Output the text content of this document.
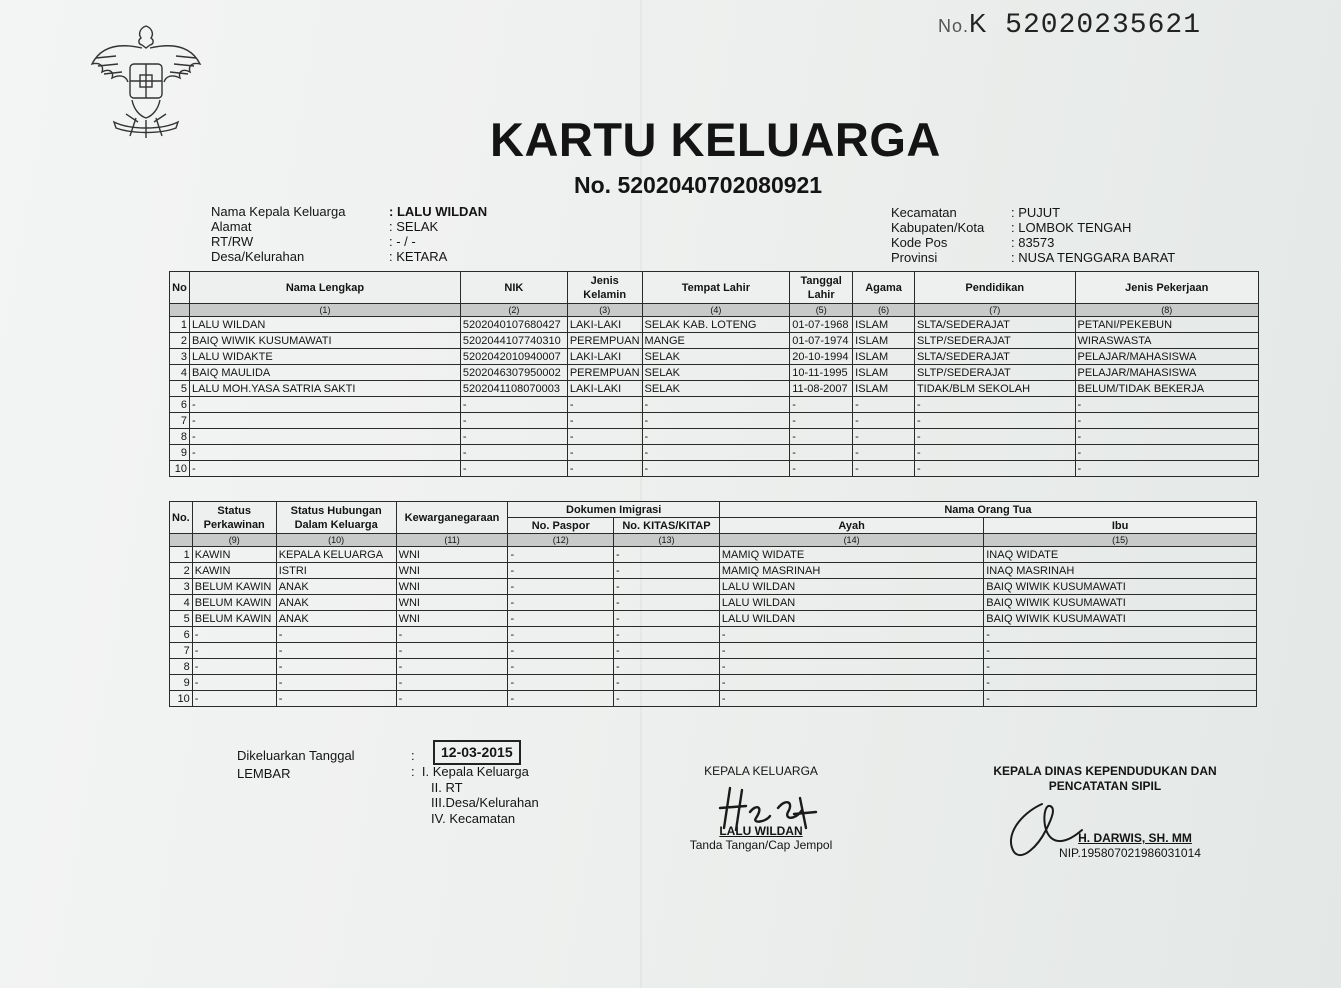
No.K 52020235621
KARTU KELUARGA
No. 5202040702080921
Nama Kepala Keluarga	: LALU WILDAN
Alamat	: SELAK
RT/RW	: - / -
Desa/Kelurahan	: KETARA
Kecamatan	: PUJUT
Kabupaten/Kota	: LOMBOK TENGAH
Kode Pos	: 83573
Provinsi	: NUSA TENGGARA BARAT
No	Nama Lengkap	NIK	Jenis Kelamin	Tempat Lahir	Tanggal Lahir	Agama	Pendidikan	Jenis Pekerjaan
	(1)	(2)	(3)	(4)	(5)	(6)	(7)	(8)
1	LALU WILDAN	5202040107680427	LAKI-LAKI	SELAK KAB. LOTENG	01-07-1968	ISLAM	SLTA/SEDERAJAT	PETANI/PEKEBUN
2	BAIQ WIWIK KUSUMAWATI	5202044107740310	PEREMPUAN	MANGE	01-07-1974	ISLAM	SLTP/SEDERAJAT	WIRASWASTA
3	LALU WIDAKTE	5202042010940007	LAKI-LAKI	SELAK	20-10-1994	ISLAM	SLTA/SEDERAJAT	PELAJAR/MAHASISWA
4	BAIQ MAULIDA	5202046307950002	PEREMPUAN	SELAK	10-11-1995	ISLAM	SLTP/SEDERAJAT	PELAJAR/MAHASISWA
5	LALU MOH.YASA SATRIA SAKTI	5202041108070003	LAKI-LAKI	SELAK	11-08-2007	ISLAM	TIDAK/BLM SEKOLAH	BELUM/TIDAK BEKERJA
6	-	-	-	-	-	-	-	-
7	-	-	-	-	-	-	-	-
8	-	-	-	-	-	-	-	-
9	-	-	-	-	-	-	-	-
10	-	-	-	-	-	-	-	-
No.	Status Perkawinan	Status Hubungan Dalam Keluarga	Kewarganegaraan	Dokumen Imigrasi		Nama Orang Tua	
				No. Paspor	No. KITAS/KITAP	Ayah	Ibu
	(9)	(10)	(11)	(12)	(13)	(14)	(15)
1	KAWIN	KEPALA KELUARGA	WNI	-	-	MAMIQ WIDATE	INAQ WIDATE
2	KAWIN	ISTRI	WNI	-	-	MAMIQ MASRINAH	INAQ MASRINAH
3	BELUM KAWIN	ANAK	WNI	-	-	LALU WILDAN	BAIQ WIWIK KUSUMAWATI
4	BELUM KAWIN	ANAK	WNI	-	-	LALU WILDAN	BAIQ WIWIK KUSUMAWATI
5	BELUM KAWIN	ANAK	WNI	-	-	LALU WILDAN	BAIQ WIWIK KUSUMAWATI
6	-	-	-	-	-	-	-
7	-	-	-	-	-	-	-
8	-	-	-	-	-	-	-
9	-	-	-	-	-	-	-
10	-	-	-	-	-	-	-
Dikeluarkan Tanggal	:	12-03-2015
LEMBAR	: I. Kepala Keluarga
II. RT
III.Desa/Kelurahan
IV. Kecamatan
KEPALA KELUARGA
LALU WILDAN
Tanda Tangan/Cap Jempol
KEPALA DINAS KEPENDUDUKAN DAN
PENCATATAN SIPIL
H. DARWIS, SH. MM
NIP.195807021986031014
